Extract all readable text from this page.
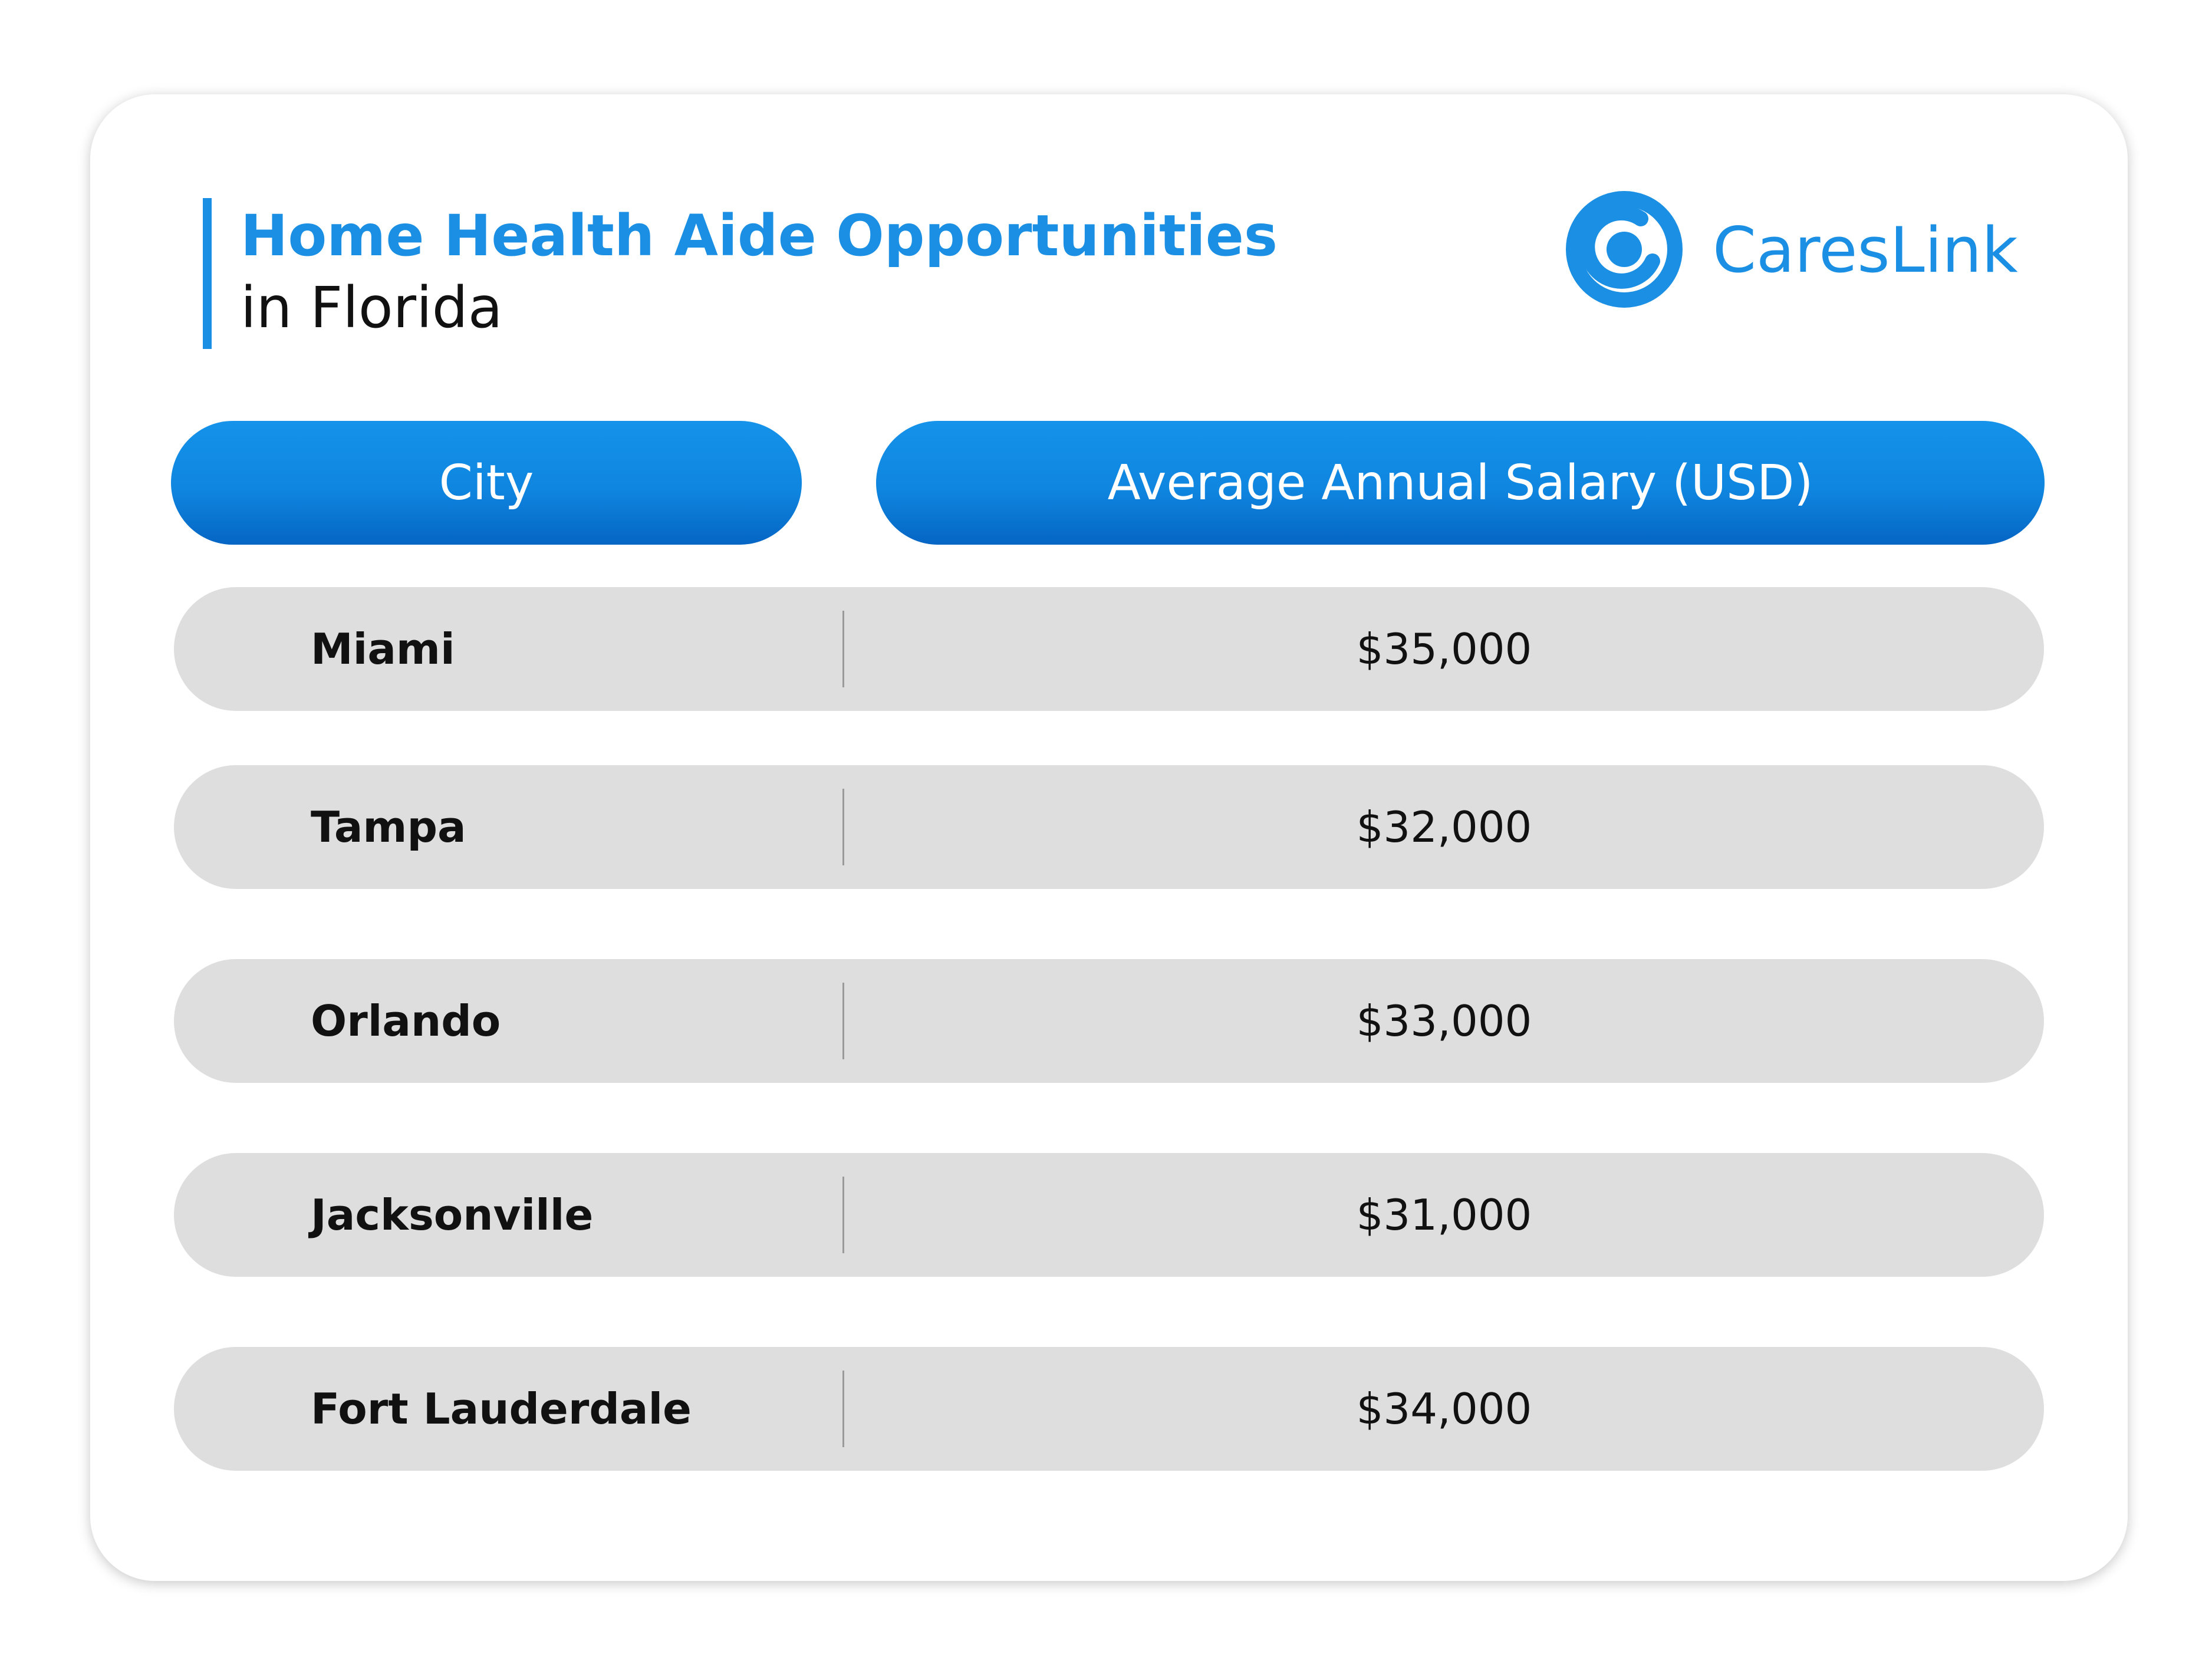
Home Health Aide Opportunities
in Florida
CaresLink
City	Average Annual Salary (USD)
Miami	$35,000
Tampa	$32,000
Orlando	$33,000
Jacksonville	$31,000
Fort Lauderdale	$34,000
